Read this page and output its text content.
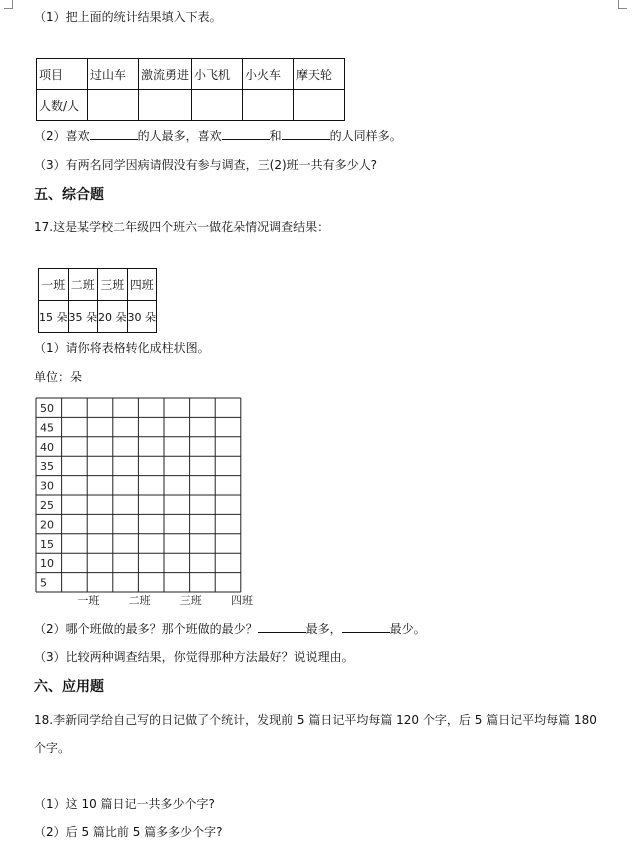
（1）把上面的统计结果填入下表。
项目	过山车	激流勇进	小飞机	小火车	摩天轮
人数/人					
（2）喜欢	的人最多，喜欢	和	的人同样多。
（3）有两名同学因病请假没有参与调查，三(2)班一共有多少人?
五、综合题
17.这是某学校二年级四个班六一做花朵情况调查结果：
一班	二班	三班	四班
15 朵	35 朵	20 朵	30 朵
（1）请你将表格转化成柱状图。
单位：朵
50
45
40
35
30
25
20
15
10
5
一班	二班	三班	四班
（2）哪个班做的最多？那个班做的最少？	最多，	最少。
（3）比较两种调查结果，你觉得那种方法最好？说说理由。
六、应用题
18.李新同学给自己写的日记做了个统计，发现前 5 篇日记平均每篇 120 个字，后 5 篇日记平均每篇 180
个字。
（1）这 10 篇日记一共多少个字?
（2）后 5 篇比前 5 篇多多少个字?
